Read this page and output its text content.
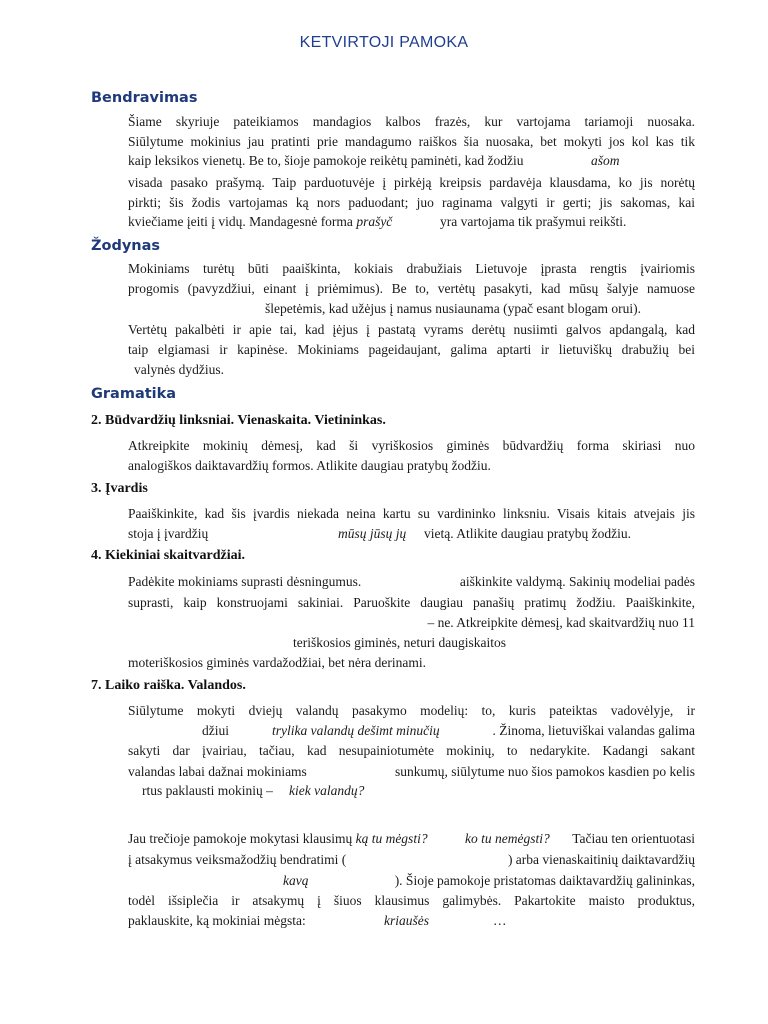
KETVIRTOJI PAMOKA
Bendravimas
Šiame skyriuje pateikiamos mandagios kalbos frazės, kur vartojama tariamoji nuosaka.
Siūlytume mokinius jau pratinti prie mandagumo raiškos šia nuosaka, bet mokyti jos kol kas tik
kaip leksikos vienetų. Be to, šioje pamokoje reikėtų paminėti, kad žodžiu	ašom
visada pasako prašymą. Taip parduotuvėje į pirkėją kreipsis pardavėja klausdama, ko jis norėtų
pirkti; šis žodis vartojamas ką nors paduodant; juo raginama valgyti ir gerti; jis sakomas, kai
kviečiame įeiti į vidų. Mandagesnė forma prašyč	yra vartojama tik prašymui reikšti.
Žodynas
Mokiniams turėtų būti paaiškinta, kokiais drabužiais Lietuvoje įprasta rengtis įvairiomis
progomis (pavyzdžiui, einant į priėmimus). Be to, vertėtų pasakyti, kad mūsų šalyje namuose
šlepetėmis, kad užėjus į namus nusiaunama (ypač esant blogam orui).
Vertėtų pakalbėti ir apie tai, kad įėjus į pastatą vyrams derėtų nusiimti galvos apdangalą, kad
taip elgiamasi ir kapinėse. Mokiniams pageidaujant, galima aptarti ir lietuviškų drabužių bei
valynės dydžius.
Gramatika
2. Būdvardžių linksniai. Vienaskaita. Vietininkas.
Atkreipkite mokinių dėmesį, kad ši vyriškosios giminės būdvardžių forma skiriasi nuo
analogiškos daiktavardžių formos. Atlikite daugiau pratybų žodžiu.
3. Įvardis
Paaiškinkite, kad šis įvardis niekada neina kartu su vardininko linksniu. Visais kitais atvejais jis
stoja į įvardžių	mūsų jūsų jų vietą. Atlikite daugiau pratybų žodžiu.
4. Kiekiniai skaitvardžiai.
Padėkite mokiniams suprasti dėsningumus.	aiškinkite valdymą. Sakinių modeliai padės
suprasti, kaip konstruojami sakiniai. Paruoškite daugiau panašių pratimų žodžiu. Paaiškinkite,
– ne. Atkreipkite dėmesį, kad skaitvardžių nuo 11
teriškosios giminės, neturi daugiskaitos
moteriškosios giminės vardažodžiai, bet nėra derinami.
7. Laiko raiška. Valandos.
Siūlytume mokyti dviejų valandų pasakymo modelių: to, kuris pateiktas vadovėlyje, ir
džiui	trylika valandų dešimt minučių	. Žinoma, lietuviškai valandas galima
sakyti dar įvairiau, tačiau, kad nesupainiotumėte mokinių, to nedarykite. Kadangi sakant
valandas labai dažnai mokiniams	sunkumų, siūlytume nuo šios pamokos kasdien po kelis
rtus paklausti mokinių – kiek valandų?
Jau trečioje pamokoje mokytasi klausimų ką tu mėgsti?	ko tu nemėgsti? Tačiau ten orientuotasi
į atsakymus veiksmažodžių bendratimi (	) arba vienaskaitinių daiktavardžių
kavą	). Šioje pamokoje pristatomas daiktavardžių galininkas,
todėl išsiplečia ir atsakymų į šiuos klausimus galimybės. Pakartokite maisto produktus,
paklauskite, ką mokiniai mėgsta:	kriaušės	…
